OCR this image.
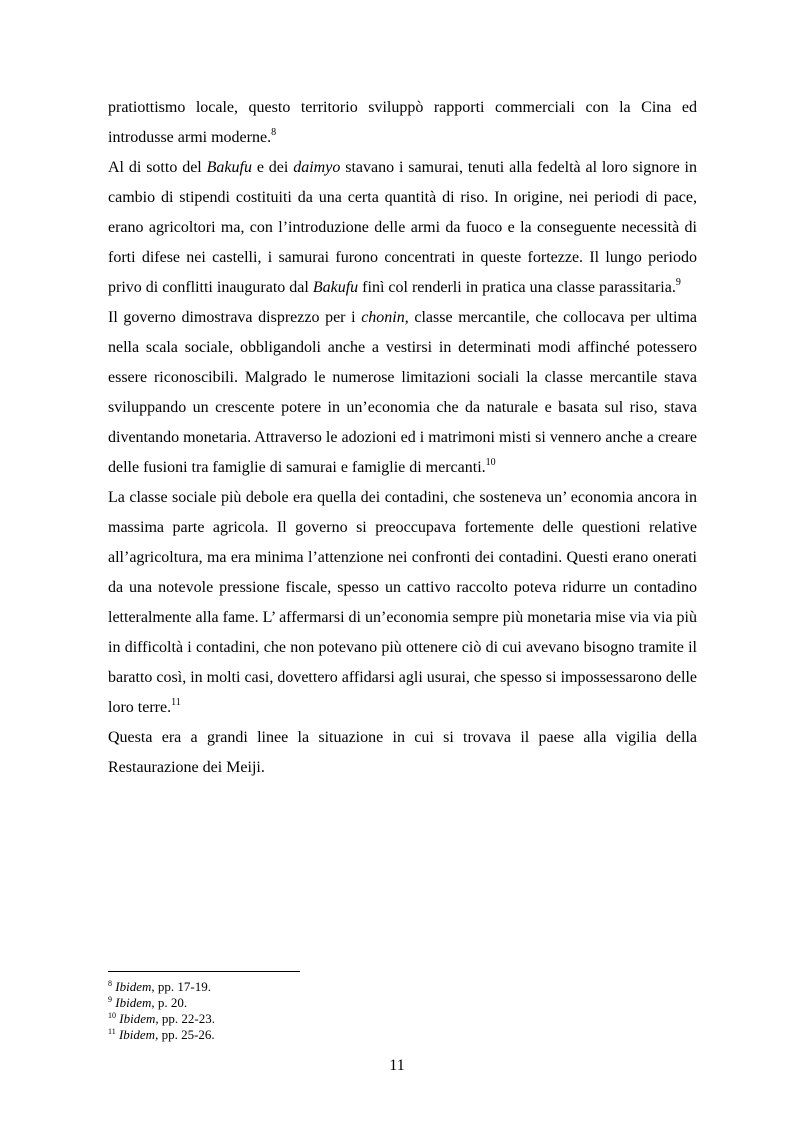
pratiottismo locale, questo territorio sviluppò rapporti commerciali con la Cina ed introdusse armi moderne.$^8$

Al di sotto del Bakufu e dei daimyo stavano i samurai, tenuti alla fedeltà al loro signore in cambio di stipendi costituiti da una certa quantità di riso. In origine, nei periodi di pace, erano agricoltori ma, con l’introduzione delle armi da fuoco e la conseguente necessità di forti difese nei castelli, i samurai furono concentrati in queste fortezze. Il lungo periodo privo di conflitti inaugurato dal Bakufu finì col renderli in pratica una classe parassitaria.$^9$

Il governo dimostrava disprezzo per i chonin, classe mercantile, che collocava per ultima nella scala sociale, obbligandoli anche a vestirsi in determinati modi affinché potessero essere riconoscibili. Malgrado le numerose limitazioni sociali la classe mercantile stava sviluppando un crescente potere in un’economia che da naturale e basata sul riso, stava diventando monetaria. Attraverso le adozioni ed i matrimoni misti si vennero anche a creare delle fusioni tra famiglie di samurai e famiglie di mercanti.$^{10}$

La classe sociale più debole era quella dei contadini, che sosteneva un’ economia ancora in massima parte agricola. Il governo si preoccupava fortemente delle questioni relative all’agricoltura, ma era minima l’attenzione nei confronti dei contadini. Questi erano onerati da una notevole pressione fiscale, spesso un cattivo raccolto poteva ridurre un contadino letteralmente alla fame. L’ affermarsi di un’economia sempre più monetaria mise via via più in difficoltà i contadini, che non potevano più ottenere ciò di cui avevano bisogno tramite il baratto così, in molti casi, dovettero affidarsi agli usurai, che spesso si impossessarono delle loro terre.$^{11}$

Questa era a grandi linee la situazione in cui si trovava il paese alla vigilia della Restaurazione dei Meiji.

$^8$ Ibidem, pp. 17-19.
$^9$ Ibidem, p. 20.
$^{10}$ Ibidem, pp. 22-23.
$^{11}$ Ibidem, pp. 25-26.
11
